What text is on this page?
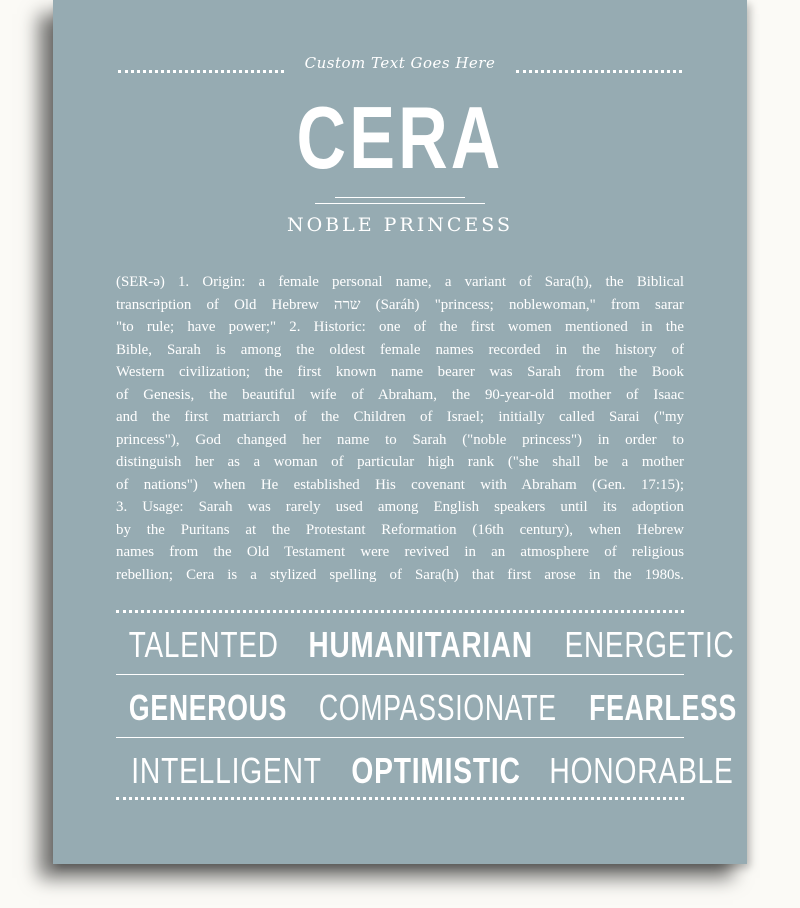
Custom Text Goes Here
CERA
NOBLE PRINCESS
(SER-ə) 1. Origin: a female personal name, a variant of Sara(h), the Biblical
transcription of Old Hebrew שרה (Saráh) "princess; noblewoman," from sarar
"to rule; have power;" 2. Historic: one of the first women mentioned in the
Bible, Sarah is among the oldest female names recorded in the history of
Western civilization; the first known name bearer was Sarah from the Book
of Genesis, the beautiful wife of Abraham, the 90-year-old mother of Isaac
and the first matriarch of the Children of Israel; initially called Sarai ("my
princess"), God changed her name to Sarah ("noble princess") in order to
distinguish her as a woman of particular high rank ("she shall be a mother
of nations") when He established His covenant with Abraham (Gen. 17:15);
3. Usage: Sarah was rarely used among English speakers until its adoption
by the Puritans at the Protestant Reformation (16th century), when Hebrew
names from the Old Testament were revived in an atmosphere of religious
rebellion; Cera is a stylized spelling of Sara(h) that first arose in the 1980s.
TALENTED HUMANITARIAN ENERGETIC
GENEROUS COMPASSIONATE FEARLESS
INTELLIGENT OPTIMISTIC HONORABLE
